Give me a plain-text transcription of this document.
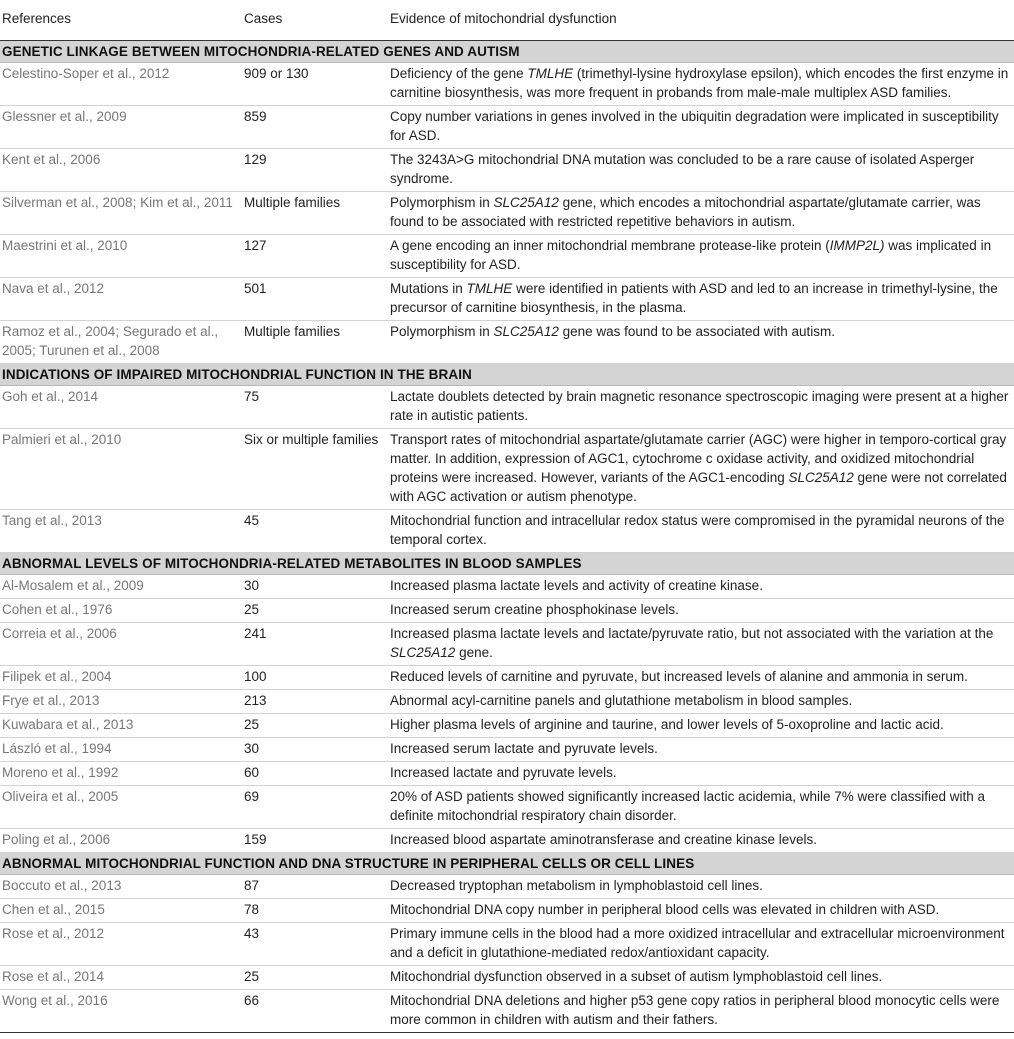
References	Cases	Evidence of mitochondrial dysfunction
GENETIC LINKAGE BETWEEN MITOCHONDRIA-RELATED GENES AND AUTISM		
Celestino-Soper et al., 2012	909 or 130	Deficiency of the gene TMLHE (trimethyl-lysine hydroxylase epsilon), which encodes the first enzyme in carnitine biosynthesis, was more frequent in probands from male-male multiplex ASD families.
Glessner et al., 2009	859	Copy number variations in genes involved in the ubiquitin degradation were implicated in susceptibility for ASD.
Kent et al., 2006	129	The 3243A>G mitochondrial DNA mutation was concluded to be a rare cause of isolated Asperger syndrome.
Silverman et al., 2008; Kim et al., 2011	Multiple families	Polymorphism in SLC25A12 gene, which encodes a mitochondrial aspartate/glutamate carrier, was found to be associated with restricted repetitive behaviors in autism.
Maestrini et al., 2010	127	A gene encoding an inner mitochondrial membrane protease-like protein (IMMP2L) was implicated in susceptibility for ASD.
Nava et al., 2012	501	Mutations in TMLHE were identified in patients with ASD and led to an increase in trimethyl-lysine, the precursor of carnitine biosynthesis, in the plasma.
Ramoz et al., 2004; Segurado et al., 2005; Turunen et al., 2008	Multiple families	Polymorphism in SLC25A12 gene was found to be associated with autism.
INDICATIONS OF IMPAIRED MITOCHONDRIAL FUNCTION IN THE BRAIN		
Goh et al., 2014	75	Lactate doublets detected by brain magnetic resonance spectroscopic imaging were present at a higher rate in autistic patients.
Palmieri et al., 2010	Six or multiple families	Transport rates of mitochondrial aspartate/glutamate carrier (AGC) were higher in temporo-cortical gray matter. In addition, expression of AGC1, cytochrome c oxidase activity, and oxidized mitochondrial proteins were increased. However, variants of the AGC1-encoding SLC25A12 gene were not correlated with AGC activation or autism phenotype.
Tang et al., 2013	45	Mitochondrial function and intracellular redox status were compromised in the pyramidal neurons of the temporal cortex.
ABNORMAL LEVELS OF MITOCHONDRIA-RELATED METABOLITES IN BLOOD SAMPLES		
Al-Mosalem et al., 2009	30	Increased plasma lactate levels and activity of creatine kinase.
Cohen et al., 1976	25	Increased serum creatine phosphokinase levels.
Correia et al., 2006	241	Increased plasma lactate levels and lactate/pyruvate ratio, but not associated with the variation at the SLC25A12 gene.
Filipek et al., 2004	100	Reduced levels of carnitine and pyruvate, but increased levels of alanine and ammonia in serum.
Frye et al., 2013	213	Abnormal acyl-carnitine panels and glutathione metabolism in blood samples.
Kuwabara et al., 2013	25	Higher plasma levels of arginine and taurine, and lower levels of 5-oxoproline and lactic acid.
László et al., 1994	30	Increased serum lactate and pyruvate levels.
Moreno et al., 1992	60	Increased lactate and pyruvate levels.
Oliveira et al., 2005	69	20% of ASD patients showed significantly increased lactic acidemia, while 7% were classified with a definite mitochondrial respiratory chain disorder.
Poling et al., 2006	159	Increased blood aspartate aminotransferase and creatine kinase levels.
ABNORMAL MITOCHONDRIAL FUNCTION AND DNA STRUCTURE IN PERIPHERAL CELLS OR CELL LINES		
Boccuto et al., 2013	87	Decreased tryptophan metabolism in lymphoblastoid cell lines.
Chen et al., 2015	78	Mitochondrial DNA copy number in peripheral blood cells was elevated in children with ASD.
Rose et al., 2012	43	Primary immune cells in the blood had a more oxidized intracellular and extracellular microenvironment and a deficit in glutathione-mediated redox/antioxidant capacity.
Rose et al., 2014	25	Mitochondrial dysfunction observed in a subset of autism lymphoblastoid cell lines.
Wong et al., 2016	66	Mitochondrial DNA deletions and higher p53 gene copy ratios in peripheral blood monocytic cells were more common in children with autism and their fathers.
